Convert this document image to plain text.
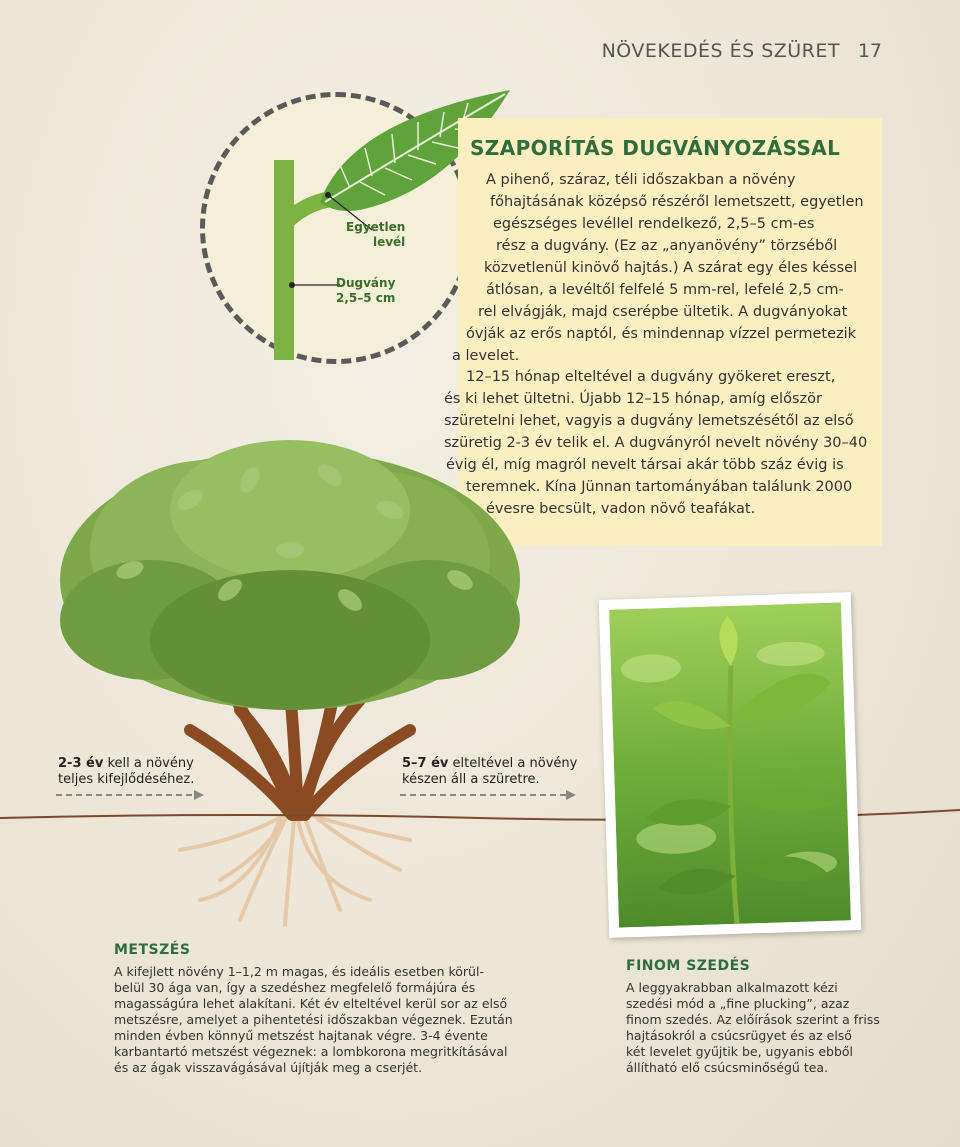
NÖVEKEDÉS ÉS SZÜRET 17
Egyetlen
levél
Dugvány
2,5–5 cm
SZAPORÍTÁS DUGVÁNYOZÁSSAL
A pihenő, száraz, téli időszakban a növény
főhajtásának középső részéről lemetszett, egyetlen
egészséges levéllel rendelkező, 2,5–5 cm-es
rész a dugvány. (Ez az „anyanövény” törzséből
közvetlenül kinövő hajtás.) A szárat egy éles késsel
átlósan, a levéltől felfelé 5 mm-rel, lefelé 2,5 cm-
rel elvágják, majd cserépbe ültetik. A dugványokat
óvják az erős naptól, és mindennap vízzel permetezik
a levelet.
12–15 hónap elteltével a dugvány gyökeret ereszt,
és ki lehet ültetni. Újabb 12–15 hónap, amíg először
szüretelni lehet, vagyis a dugvány lemetszésétől az első
szüretig 2-3 év telik el. A dugványról nevelt növény 30–40
évig él, míg magról nevelt társai akár több száz évig is
teremnek. Kína Jünnan tartományában találunk 2000
évesre becsült, vadon növő teafákat.
2-3 év kell a növény
teljes kifejlődéséhez.
5–7 év elteltével a növény
készen áll a szüretre.
METSZÉS
A kifejlett növény 1–1,2 m magas, és ideális esetben körül-
belül 30 ága van, így a szedéshez megfelelő formájúra és
magasságúra lehet alakítani. Két év elteltével kerül sor az első
metszésre, amelyet a pihentetési időszakban végeznek. Ezután
minden évben könnyű metszést hajtanak végre. 3-4 évente
karbantartó metszést végeznek: a lombkorona megritkításával
és az ágak visszavágásával újítják meg a cserjét.
FINOM SZEDÉS
A leggyakrabban alkalmazott kézi
szedési mód a „fine plucking”, azaz
finom szedés. Az előírások szerint a friss
hajtásokról a csúcsrügyet és az első
két levelet gyűjtik be, ugyanis ebből
állítható elő csúcsminőségű tea.
